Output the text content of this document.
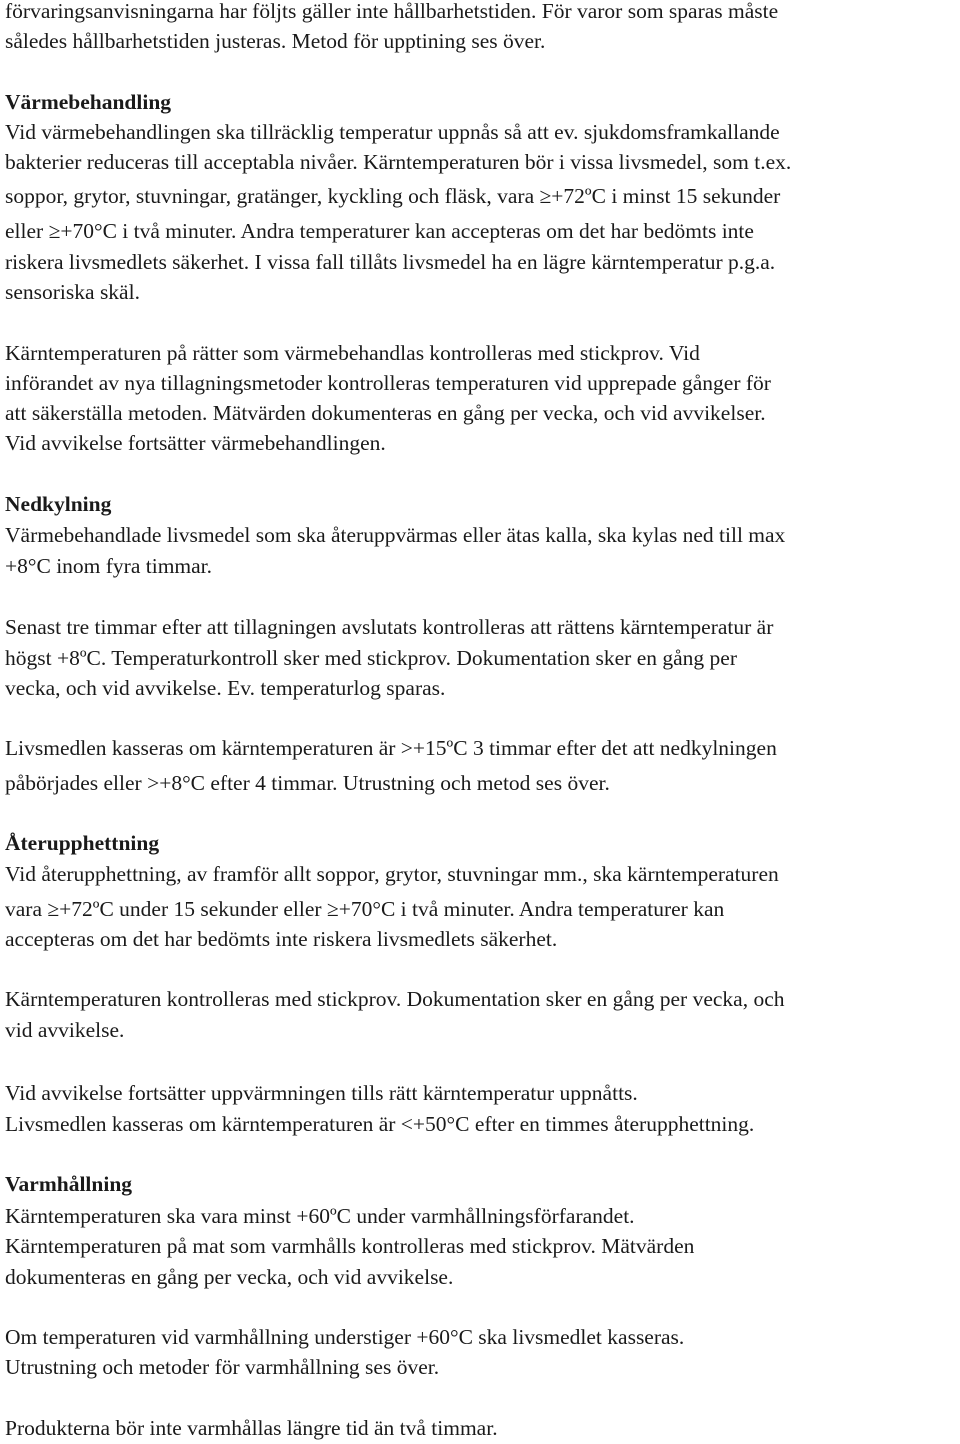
förvaringsanvisningarna har följts gäller inte hållbarhetstiden. För varor som sparas måste
således hållbarhetstiden justeras. Metod för upptining ses över.
Värmebehandling
Vid värmebehandlingen ska tillräcklig temperatur uppnås så att ev. sjukdomsframkallande
bakterier reduceras till acceptabla nivåer. Kärntemperaturen bör i vissa livsmedel, som t.ex.
soppor, grytor, stuvningar, gratänger, kyckling och fläsk, vara ≥+72ºC i minst 15 sekunder
eller ≥+70°C i två minuter. Andra temperaturer kan accepteras om det har bedömts inte
riskera livsmedlets säkerhet. I vissa fall tillåts livsmedel ha en lägre kärntemperatur p.g.a.
sensoriska skäl.
Kärntemperaturen på rätter som värmebehandlas kontrolleras med stickprov. Vid
införandet av nya tillagningsmetoder kontrolleras temperaturen vid upprepade gånger för
att säkerställa metoden. Mätvärden dokumenteras en gång per vecka, och vid avvikelser.
Vid avvikelse fortsätter värmebehandlingen.
Nedkylning
Värmebehandlade livsmedel som ska återuppvärmas eller ätas kalla, ska kylas ned till max
+8°C inom fyra timmar.
Senast tre timmar efter att tillagningen avslutats kontrolleras att rättens kärntemperatur är
högst +8ºC. Temperaturkontroll sker med stickprov. Dokumentation sker en gång per
vecka, och vid avvikelse. Ev. temperaturlog sparas.
Livsmedlen kasseras om kärntemperaturen är >+15ºC 3 timmar efter det att nedkylningen
påbörjades eller >+8°C efter 4 timmar. Utrustning och metod ses över.
Återupphettning
Vid återupphettning, av framför allt soppor, grytor, stuvningar mm., ska kärntemperaturen
vara ≥+72ºC under 15 sekunder eller ≥+70°C i två minuter. Andra temperaturer kan
accepteras om det har bedömts inte riskera livsmedlets säkerhet.
Kärntemperaturen kontrolleras med stickprov. Dokumentation sker en gång per vecka, och
vid avvikelse.
Vid avvikelse fortsätter uppvärmningen tills rätt kärntemperatur uppnåtts.
Livsmedlen kasseras om kärntemperaturen är <+50°C efter en timmes återupphettning.
Varmhållning
Kärntemperaturen ska vara minst +60ºC under varmhållningsförfarandet.
Kärntemperaturen på mat som varmhålls kontrolleras med stickprov. Mätvärden
dokumenteras en gång per vecka, och vid avvikelse.
Om temperaturen vid varmhållning understiger +60°C ska livsmedlet kasseras.
Utrustning och metoder för varmhållning ses över.
Produkterna bör inte varmhållas längre tid än två timmar.
